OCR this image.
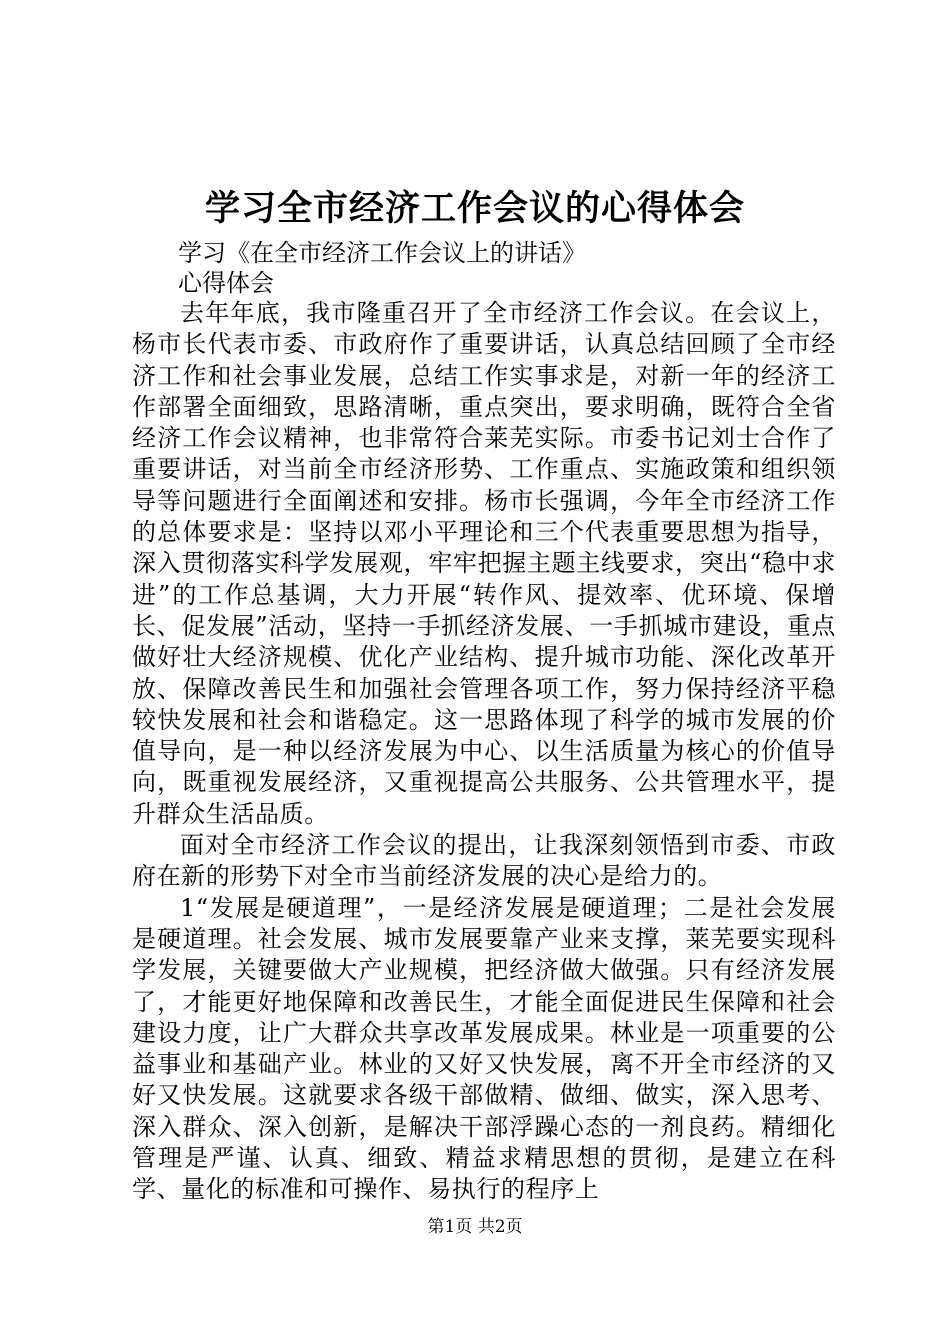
学习全市经济工作会议的心得体会

学习《在全市经济工作会议上的讲话》

心得体会

去年年底，我市隆重召开了全市经济工作会议。在会议上，杨市长代表市委、市政府作了重要讲话，认真总结回顾了全市经济工作和社会事业发展，总结工作实事求是，对新一年的经济工作部署全面细致，思路清晰，重点突出，要求明确，既符合全省经济工作会议精神，也非常符合莱芜实际。市委书记刘士合作了重要讲话，对当前全市经济形势、工作重点、实施政策和组织领导等问题进行全面阐述和安排。杨市长强调，今年全市经济工作的总体要求是：坚持以邓小平理论和三个代表重要思想为指导，深入贯彻落实科学发展观，牢牢把握主题主线要求，突出“稳中求进”的工作总基调，大力开展“转作风、提效率、优环境、保增长、促发展”活动，坚持一手抓经济发展、一手抓城市建设，重点做好壮大经济规模、优化产业结构、提升城市功能、深化改革开放、保障改善民生和加强社会管理各项工作，努力保持经济平稳较快发展和社会和谐稳定。这一思路体现了科学的城市发展的价值导向，是一种以经济发展为中心、以生活质量为核心的价值导向，既重视发展经济，又重视提高公共服务、公共管理水平，提升群众生活品质。

面对全市经济工作会议的提出，让我深刻领悟到市委、市政府在新的形势下对全市当前经济发展的决心是给力的。

1“发展是硬道理”，一是经济发展是硬道理；二是社会发展是硬道理。社会发展、城市发展要靠产业来支撑，莱芜要实现科学发展，关键要做大产业规模，把经济做大做强。只有经济发展了，才能更好地保障和改善民生，才能全面促进民生保障和社会建设力度，让广大群众共享改革发展成果。林业是一项重要的公益事业和基础产业。林业的又好又快发展，离不开全市经济的又好又快发展。这就要求各级干部做精、做细、做实，深入思考、深入群众、深入创新，是解决干部浮躁心态的一剂良药。精细化管理是严谨、认真、细致、精益求精思想的贯彻，是建立在科学、量化的标准和可操作、易执行的程序上

第1页 共2页
